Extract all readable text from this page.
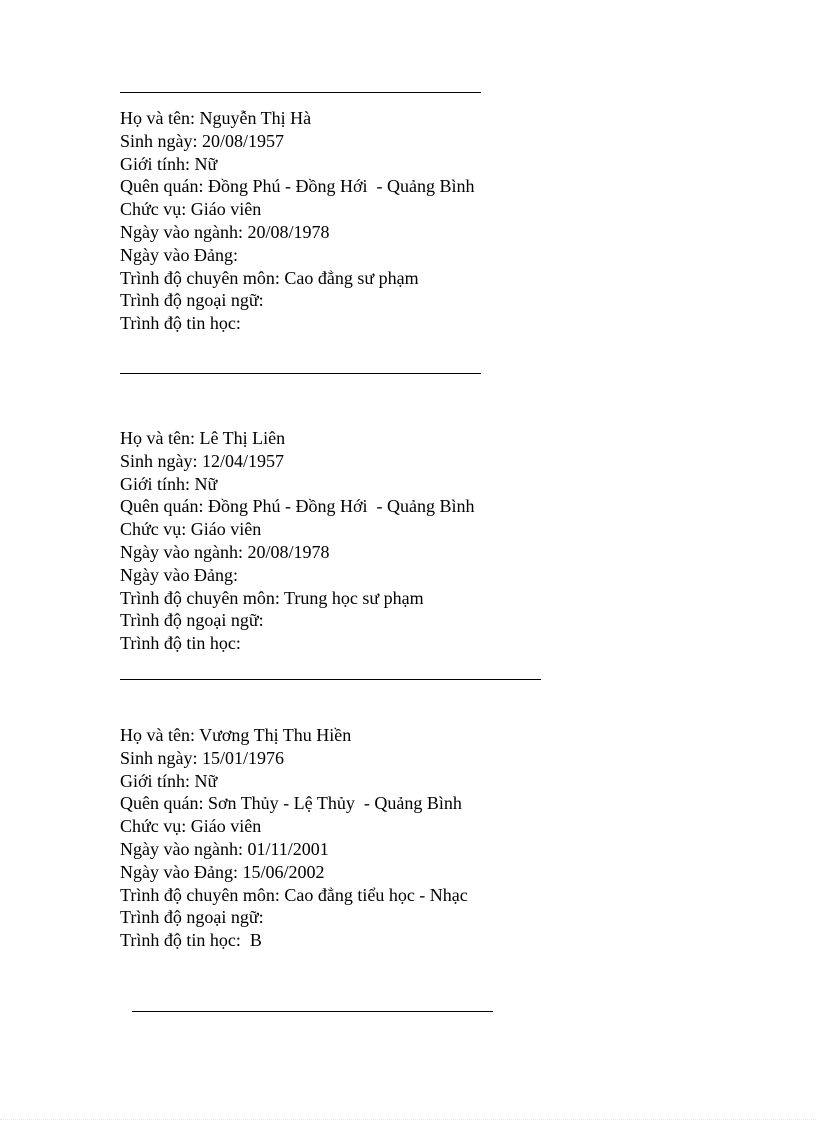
Họ và tên: Nguyễn Thị Hà
Sinh ngày: 20/08/1957
Giới tính: Nữ
Quên quán: Đồng Phú - Đồng Hới  - Quảng Bình
Chức vụ: Giáo viên
Ngày vào ngành: 20/08/1978
Ngày vào Đảng:
Trình độ chuyên môn: Cao đẳng sư phạm
Trình độ ngoại ngữ:
Trình độ tin học:
Họ và tên: Lê Thị Liên
Sinh ngày: 12/04/1957
Giới tính: Nữ
Quên quán: Đồng Phú - Đồng Hới  - Quảng Bình
Chức vụ: Giáo viên
Ngày vào ngành: 20/08/1978
Ngày vào Đảng:
Trình độ chuyên môn: Trung học sư phạm
Trình độ ngoại ngữ:
Trình độ tin học:
Họ và tên: Vương Thị Thu Hiền
Sinh ngày: 15/01/1976
Giới tính: Nữ
Quên quán: Sơn Thủy - Lệ Thủy  - Quảng Bình
Chức vụ: Giáo viên
Ngày vào ngành: 01/11/2001
Ngày vào Đảng: 15/06/2002
Trình độ chuyên môn: Cao đẳng tiểu học - Nhạc
Trình độ ngoại ngữ:
Trình độ tin học:  B
